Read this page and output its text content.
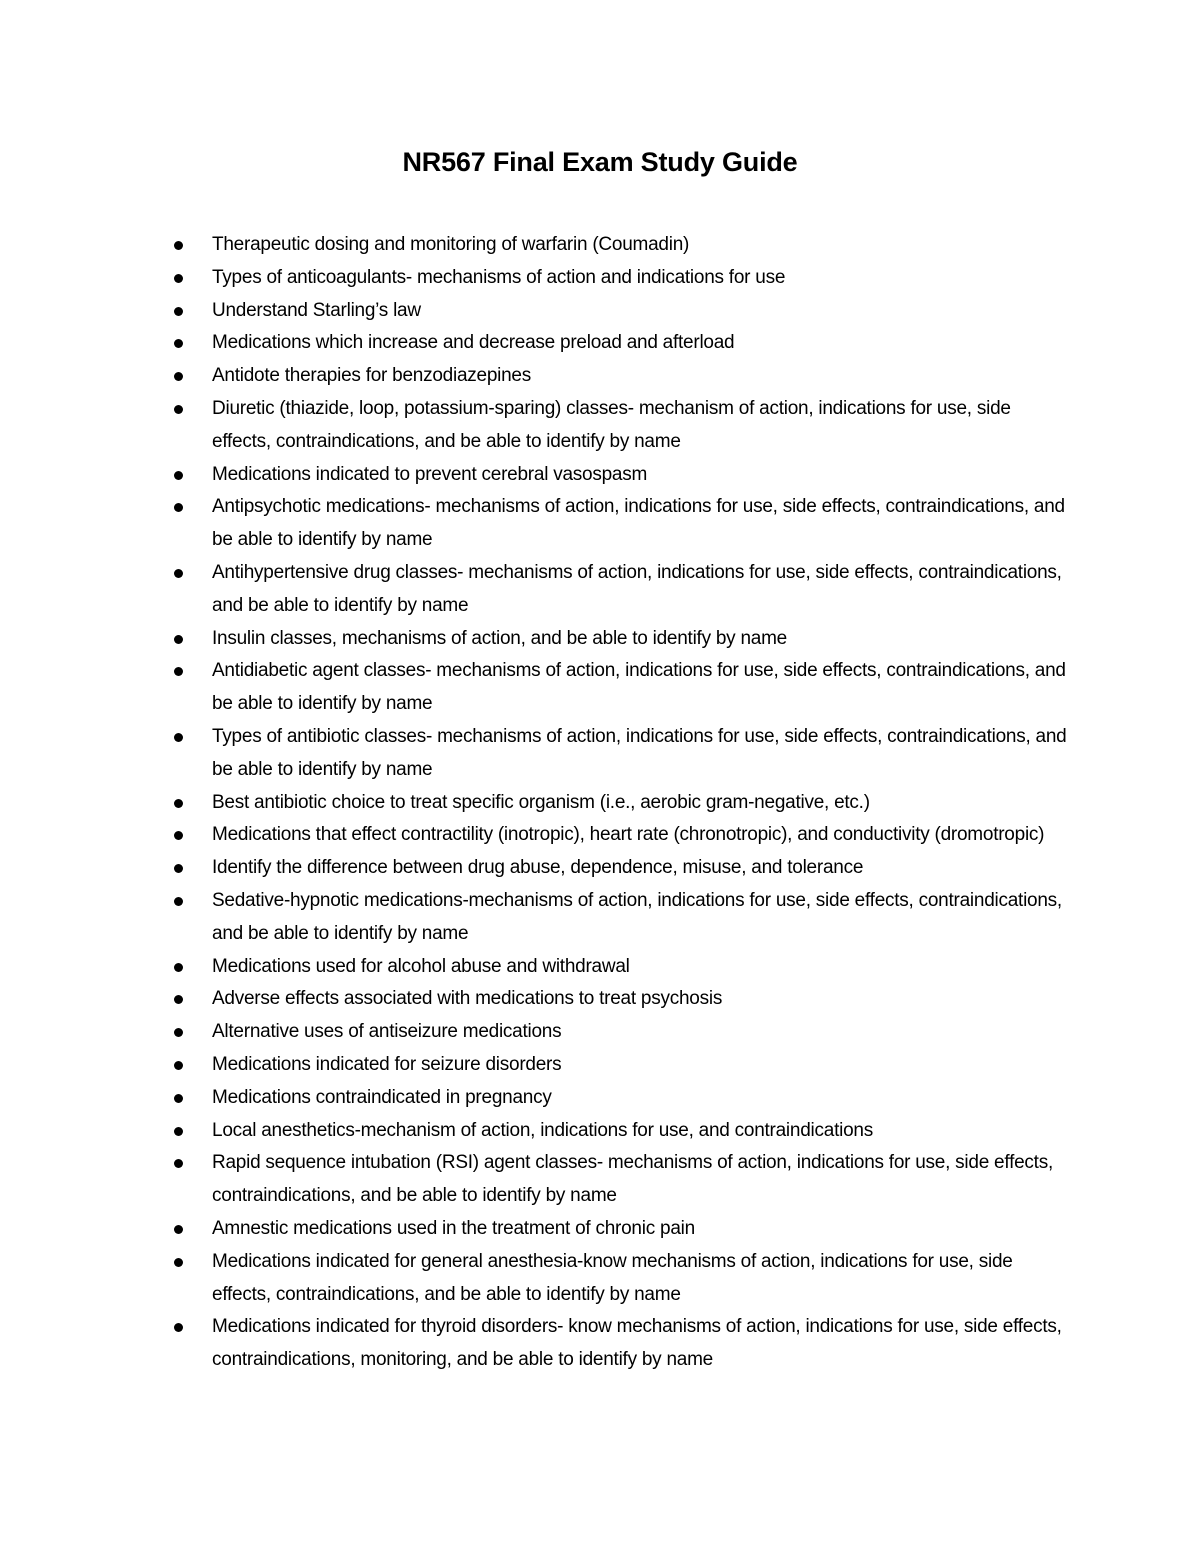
NR567 Final Exam Study Guide
Therapeutic dosing and monitoring of warfarin (Coumadin)
Types of anticoagulants- mechanisms of action and indications for use
Understand Starling’s law
Medications which increase and decrease preload and afterload
Antidote therapies for benzodiazepines
Diuretic (thiazide, loop, potassium-sparing) classes- mechanism of action, indications for use, side effects, contraindications, and be able to identify by name
Medications indicated to prevent cerebral vasospasm
Antipsychotic medications- mechanisms of action, indications for use, side effects, contraindications, and be able to identify by name
Antihypertensive drug classes- mechanisms of action, indications for use, side effects, contraindications, and be able to identify by name
Insulin classes, mechanisms of action, and be able to identify by name
Antidiabetic agent classes- mechanisms of action, indications for use, side effects, contraindications, and be able to identify by name
Types of antibiotic classes- mechanisms of action, indications for use, side effects, contraindications, and be able to identify by name
Best antibiotic choice to treat specific organism (i.e., aerobic gram-negative, etc.)
Medications that effect contractility (inotropic), heart rate (chronotropic), and conductivity (dromotropic)
Identify the difference between drug abuse, dependence, misuse, and tolerance
Sedative-hypnotic medications-mechanisms of action, indications for use, side effects, contraindications, and be able to identify by name
Medications used for alcohol abuse and withdrawal
Adverse effects associated with medications to treat psychosis
Alternative uses of antiseizure medications
Medications indicated for seizure disorders
Medications contraindicated in pregnancy
Local anesthetics-mechanism of action, indications for use, and contraindications
Rapid sequence intubation (RSI) agent classes- mechanisms of action, indications for use, side effects, contraindications, and be able to identify by name
Amnestic medications used in the treatment of chronic pain
Medications indicated for general anesthesia-know mechanisms of action, indications for use, side effects, contraindications, and be able to identify by name
Medications indicated for thyroid disorders- know mechanisms of action, indications for use, side effects, contraindications, monitoring, and be able to identify by name
